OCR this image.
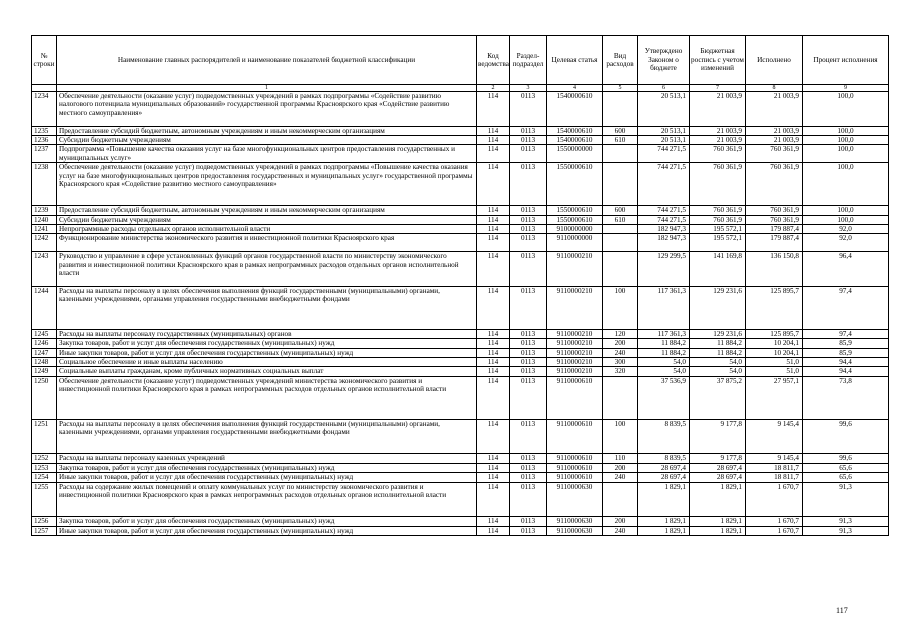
№ строки	Наименование главных распорядителей и наименование показателей бюджетной классификации	Код ведомства	Раздел-подраздел	Целевая статья	Вид расходов	Утверждено Законом о бюджете	Бюджетная роспись с учетом изменений	Исполнено	Процент исполнения
	1	2	3	4	5	6	7	8	9
1234	Обеспечение деятельности (оказание услуг) подведомственных учреждений в рамках подпрограммы «Содействие развитию налогового потенциала муниципальных образований» государственной программы Красноярского края «Содействие развитию местного самоуправления»	114	0113	1540000610		20 513,1	21 003,9	21 003,9	100,0
1235	Предоставление субсидий бюджетным, автономным учреждениям и иным некоммерческим организациям	114	0113	1540000610	600	20 513,1	21 003,9	21 003,9	100,0
1236	Субсидии бюджетным учреждениям	114	0113	1540000610	610	20 513,1	21 003,9	21 003,9	100,0
1237	Подпрограмма «Повышение качества оказания услуг на базе многофункциональных центров предоставления государственных и муниципальных услуг»	114	0113	1550000000		744 271,5	760 361,9	760 361,9	100,0
1238	Обеспечение деятельности (оказание услуг) подведомственных учреждений в рамках подпрограммы «Повышение качества оказания услуг на базе многофункциональных центров предоставления государственных и муниципальных услуг» государственной программы Красноярского края «Содействие развитию местного самоуправления»	114	0113	1550000610		744 271,5	760 361,9	760 361,9	100,0
1239	Предоставление субсидий бюджетным, автономным учреждениям и иным некоммерческим организациям	114	0113	1550000610	600	744 271,5	760 361,9	760 361,9	100,0
1240	Субсидии бюджетным учреждениям	114	0113	1550000610	610	744 271,5	760 361,9	760 361,9	100,0
1241	Непрограммные расходы отдельных органов исполнительной власти	114	0113	9100000000		182 947,3	195 572,1	179 887,4	92,0
1242	Функционирование министерства экономического развития и инвестиционной политики Красноярского края	114	0113	9110000000		182 947,3	195 572,1	179 887,4	92,0
1243	Руководство и управление в сфере установленных функций органов государственной власти по министерству экономического развития и инвестиционной политики Красноярского края в рамках непрограммных расходов отдельных органов исполнительной власти	114	0113	9110000210		129 299,5	141 169,8	136 150,8	96,4
1244	Расходы на выплаты персоналу в целях обеспечения выполнения функций государственными (муниципальными) органами, казенными учреждениями, органами управления государственными внебюджетными фондами	114	0113	9110000210	100	117 361,3	129 231,6	125 895,7	97,4
1245	Расходы на выплаты персоналу государственных (муниципальных) органов	114	0113	9110000210	120	117 361,3	129 231,6	125 895,7	97,4
1246	Закупка товаров, работ и услуг для обеспечения государственных (муниципальных) нужд	114	0113	9110000210	200	11 884,2	11 884,2	10 204,1	85,9
1247	Иные закупки товаров, работ и услуг для обеспечения государственных (муниципальных) нужд	114	0113	9110000210	240	11 884,2	11 884,2	10 204,1	85,9
1248	Социальное обеспечение и иные выплаты населению	114	0113	9110000210	300	54,0	54,0	51,0	94,4
1249	Социальные выплаты гражданам, кроме публичных нормативных социальных выплат	114	0113	9110000210	320	54,0	54,0	51,0	94,4
1250	Обеспечение деятельности (оказание услуг) подведомственных учреждений министерства экономического развития и инвестиционной политики Красноярского края в рамках непрограммных расходов отдельных органов исполнительной власти	114	0113	9110000610		37 536,9	37 875,2	27 957,1	73,8
1251	Расходы на выплаты персоналу в целях обеспечения выполнения функций государственными (муниципальными) органами, казенными учреждениями, органами управления государственными внебюджетными фондами	114	0113	9110000610	100	8 839,5	9 177,8	9 145,4	99,6
1252	Расходы на выплаты персоналу казенных учреждений	114	0113	9110000610	110	8 839,5	9 177,8	9 145,4	99,6
1253	Закупка товаров, работ и услуг для обеспечения государственных (муниципальных) нужд	114	0113	9110000610	200	28 697,4	28 697,4	18 811,7	65,6
1254	Иные закупки товаров, работ и услуг для обеспечения государственных (муниципальных) нужд	114	0113	9110000610	240	28 697,4	28 697,4	18 811,7	65,6
1255	Расходы на содержание жилых помещений и оплату коммунальных услуг по министерству экономического развития и инвестиционной политики Красноярского края в рамках непрограммных расходов отдельных органов исполнительной власти	114	0113	9110000630		1 829,1	1 829,1	1 670,7	91,3
1256	Закупка товаров, работ и услуг для обеспечения государственных (муниципальных) нужд	114	0113	9110000630	200	1 829,1	1 829,1	1 670,7	91,3
1257	Иные закупки товаров, работ и услуг для обеспечения государственных (муниципальных) нужд	114	0113	9110000630	240	1 829,1	1 829,1	1 670,7	91,3
117
